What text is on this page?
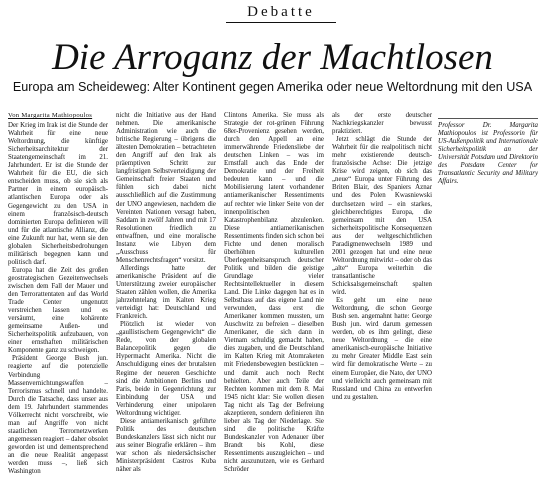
Debatte
Die Arroganz der Machtlosen
Europa am Scheideweg: Alter Kontinent gegen Amerika oder neue Weltordnung mit den USA
Von Margarita Mathiopoulos

Der Krieg im Irak ist die Stunde der Wahrheit für eine neue Weltordnung, die künftige Sicherheitsarchitektur der Staatengemeinschaft im 21. Jahrhundert. Er ist die Stunde der Wahrheit für die EU, die sich entscheiden muss, ob sie sich als Partner in einem europäisch-atlantischen Europa oder als Gegengewicht zu den USA in einem französisch-deutsch dominierten Europa definieren will und für die atlantische Allianz, die eine Zukunft nur hat, wenn sie den globalen Sicherheitsbedrohungen militärisch begegnen kann und politisch darf.

Europa hat die Zeit des großen geostrategischen Gezeitenwechsels zwischen dem Fall der Mauer und den Terrorattentaten auf das World Trade Center ungenutzt verstreichen lassen und es versäumt, eine kohärente gemeinsame Außen- und Sicherheitspolitik aufzubauen, von einer ernsthaften militärischen Komponente ganz zu schweigen.

Präsident George Bush jun. reagierte auf die potenzielle Verbindung Massenvernichtungswaffen – Terrorismus schnell und handelte. Durch die Tatsache, dass unser aus dem 19. Jahrhundert stammendes Völkerrecht nicht vorschreibt, wie man auf Angriffe von nicht staatlichen Terrornetzwerken angemessen reagiert – daher obsolet geworden ist und dementsprechend an die neue Realität angepasst werden muss –, ließ sich Washington

nicht die Initiative aus der Hand nehmen. Die amerikanische Administration wie auch die britische Regierung – übrigens die ältesten Demokratien – betrachteten den Angriff auf den Irak als präemptiven Schritt zur langfristigen Selbstverteidigung der Gemeinschaft freier Staaten und fühlen sich dabei nicht ausschließlich auf die Zustimmung der UNO angewiesen, nachdem die Vereinten Nationen versagt haben, Saddam in zwölf Jahren und mit 17 Resolutionen friedlich zu entwaffnen, und eine moralische Instanz wie Libyen dem „Ausschuss für Menschenrechtsfragen“ vorsitzt.

Allerdings hatte der amerikanische Präsident auf die Unterstützung zweier europäischer Staaten zählen wollen, die Amerika jahrzehntelang im Kalten Krieg verteidigt hat: Deutschland und Frankreich.

Plötzlich ist wieder von „gaullistischem Gegengewicht“ die Rede, von der globalen Balancepolitik gegen die Hypermacht Amerika. Nicht die Anschuldigung eines der brutalsten Regime der neueren Geschichte sind die Ambitionen Berlins und Paris, beide in Gegenrichtung zur Einbindung der USA und Verhinderung einer unipolaren Weltordnung wichtiger.

Diese antiamerikanisch geführte Politik des deutschen Bundeskanzlers lässt sich nicht nur aus seiner Biografie erklären – ihm war schon als niedersächsischer Ministerpräsident Castros Kuba näher als

Clintons Amerika. Sie muss als Strategie der rot-grünen Führung 68er-Provenienz gesehen werden, durch den Appell an eine immerwährende Friedensliebe der deutschen Linken – was im Ernstfall auch das Ende der Demokratie und der Freiheit bedeuten kann – und die Mobilisierung latent vorhandener antiamerikanischer Ressentiments auf rechter wie linker Seite von der innenpolitischen Katastrophenbilanz abzulenken. Diese antiamerikanischen Ressentiments finden sich schon bei Fichte und denen moralisch überhöhten kulturellen Überlegenheitsanspruch deutscher Politik und bilden die geistige Grundlage vieler Rechtsintellektueller in diesem Land. Die Linke dagegen hat es in Selbsthass auf das eigene Land nie verwunden, dass erst die Amerikaner kommen mussten, um Auschwitz zu befreien – dieselben Amerikaner, die sich dann in Vietnam schuldig gemacht haben, dies zugaben, und die Deutschland im Kalten Krieg mit Atomraketen mit Friedensbewegten bestückten – und damit auch noch Recht behielten. Aber auch Teile der Rechten kommen mit dem 8. Mai 1945 nicht klar: Sie wollen diesen Tag nicht als Tag der Befreiung akzeptieren, sondern definieren ihn lieber als Tag der Niederlage. Sie sind die politische Kräfte Bundeskanzler von Adenauer über Brandt bis Kohl, diese Ressentiments auszugleichen – und nicht auszunutzen, wie es Gerhard Schröder

als der erste deutscher Nachkriegskanzler bewusst praktiziert.

Jetzt schlägt die Stunde der Wahrheit für die realpolitisch nicht mehr existierende deutsch-französische Achse: Die jetzige Krise wird zeigen, ob sich das „neue“ Europa unter Führung des Briten Blair, des Spaniers Aznar und des Polen Kwasniewski durchsetzen wird – ein starkes, gleichberechtigtes Europa, die gemeinsam mit den USA sicherheitspolitische Konsequenzen aus der weltgeschichtlichen Paradigmenwechseln 1989 und 2001 gezogen hat und eine neue Weltordnung mitwirkt – oder ob das „alte“ Europa weiterhin die transatlantische Schicksalsgemeinschaft spalten wird.

Es geht um eine neue Weltordnung, die schon George Bush sen. angemahnt hatte: George Bush jun. wird darum gemessen werden, ob es ihm gelingt, diese neue Weltordnung – die eine amerikanisch-europäische Initiative zu mehr Greater Middle East sein wird für demokratische Werte – zu einem Europäer, die Nato, der UNO und vielleicht auch gemeinsam mit Russland und China zu entwerfen und zu gestalten.

Professor Dr. Margarita Mathiopoulos ist Professorin für US-Außenpolitik und Internationale Sicherheitspolitik an der Universität Potsdam und Direktorin des Potsdam Center for Transatlantic Security and Military Affairs.
